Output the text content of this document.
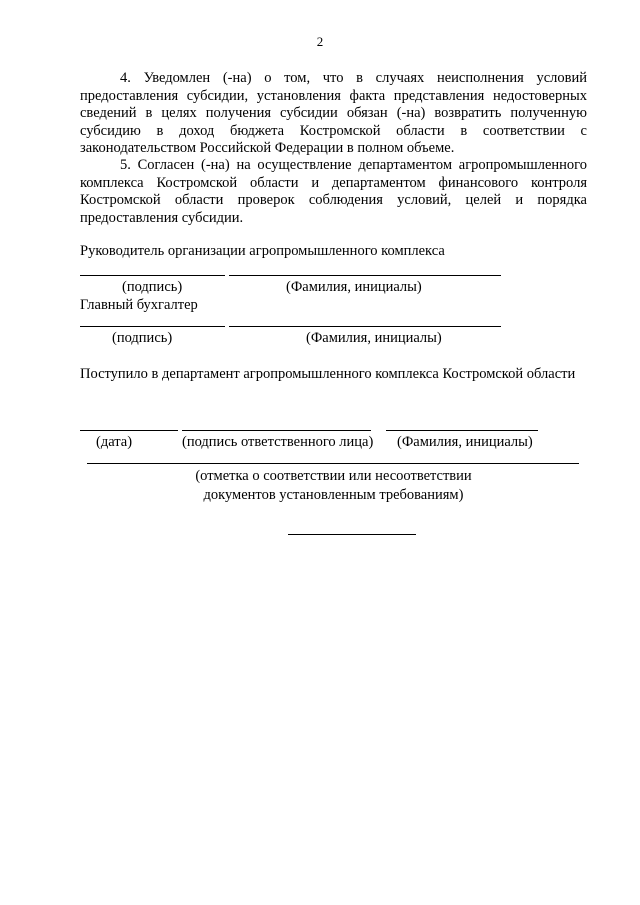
2
4. Уведомлен (-на) о том, что в случаях неисполнения условий предоставления субсидии, установления факта представления недостоверных сведений в целях получения субсидии обязан (-на) возвратить полученную субсидию в доход бюджета Костромской области в соответствии с законодательством Российской Федерации в полном объеме.
5. Согласен (-на) на осуществление департаментом агропромышленного комплекса Костромской области и департаментом финансового контроля Костромской области проверок соблюдения условий, целей и порядка предоставления субсидии.
Руководитель организации агропромышленного комплекса
(подпись)	(Фамилия, инициалы)
Главный бухгалтер
(подпись)	(Фамилия, инициалы)
Поступило в департамент агропромышленного комплекса Костромской области
(дата)	(подпись ответственного лица) (Фамилия, инициалы)
(отметка о соответствии или несоответствии
документов установленным требованиям)
